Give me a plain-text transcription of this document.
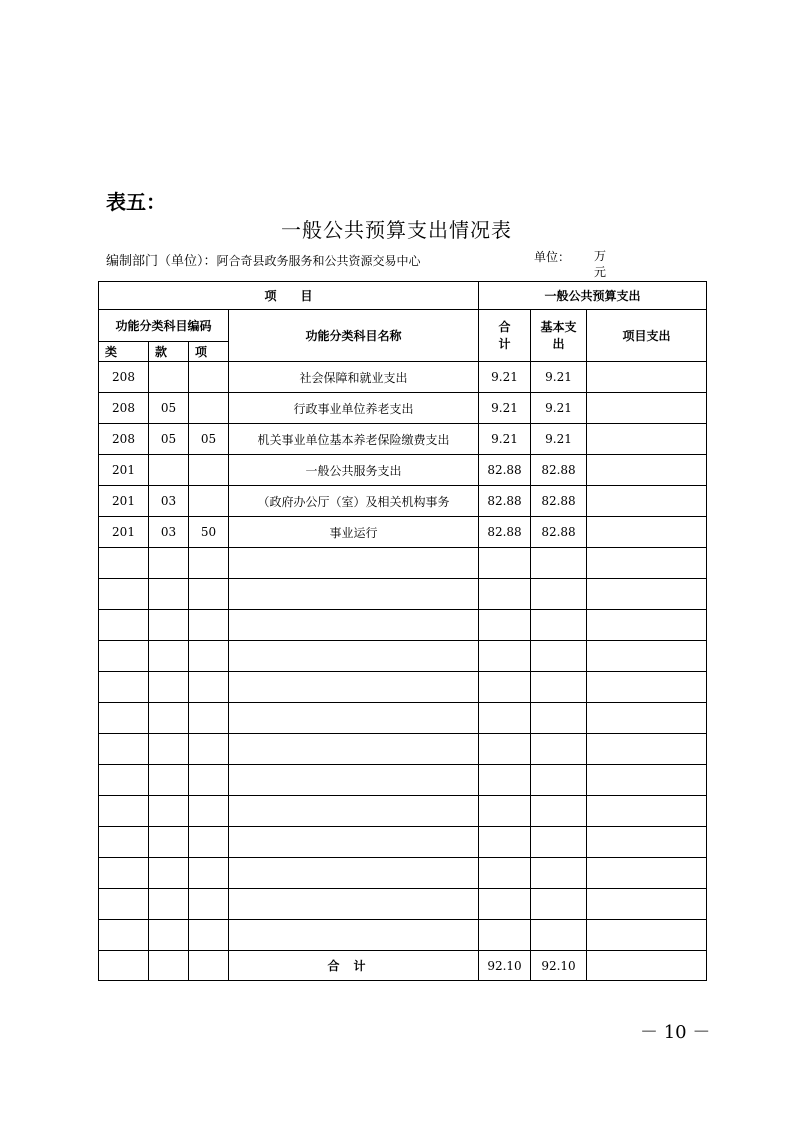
表五：
一般公共预算支出情况表
编制部门（单位）：阿合奇县政务服务和公共资源交易中心	单位： 万元
项　　目				一般公共预算支出		
功能分类科目编码			功能分类科目名称	合计	基本支出	项目支出
类	款	项				
208			社会保障和就业支出	9.21	9.21	
208	05		行政事业单位养老支出	9.21	9.21	
208	05	05	机关事业单位基本养老保险缴费支出	9.21	9.21	
201			一般公共服务支出	82.88	82.88	
201	03		（政府办公厅（室）及相关机构事务	82.88	82.88	
201	03	50	事业运行	82.88	82.88	

			合计	92.10	92.10	
－ 10 －
